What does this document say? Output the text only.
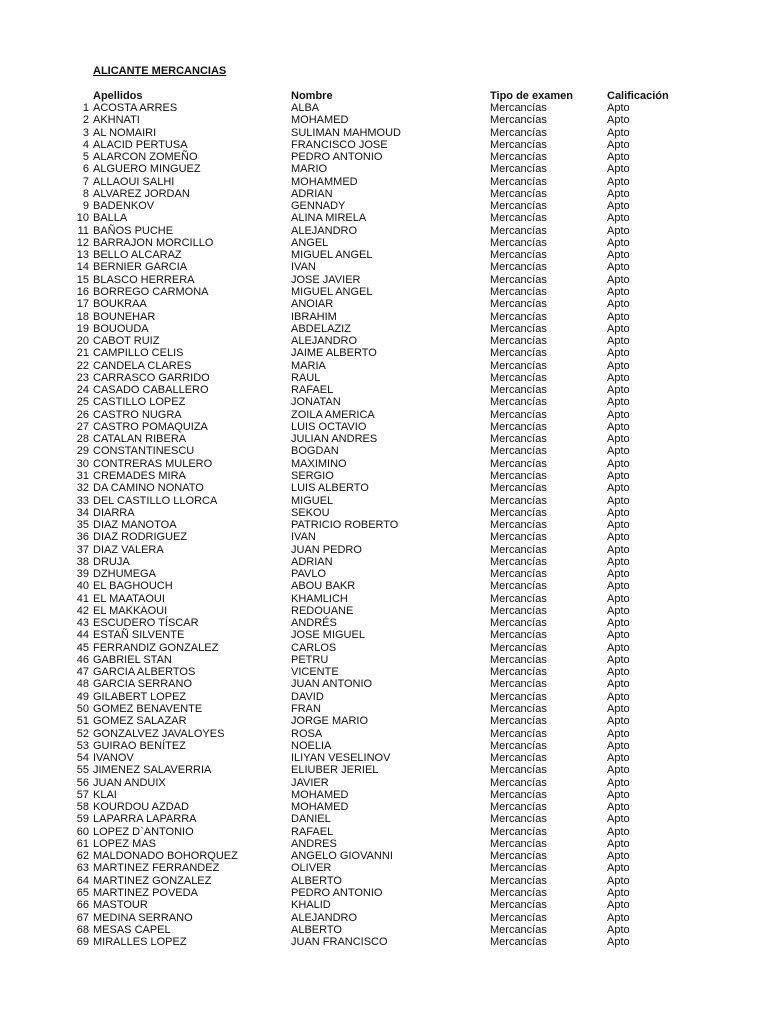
ALICANTE MERCANCIAS
Apellidos	Nombre	Tipo de examen	Calificación
1 ACOSTA ARRES	ALBA	Mercancías	Apto
2 AKHNATI	MOHAMED	Mercancías	Apto
3 AL NOMAIRI	SULIMAN MAHMOUD	Mercancías	Apto
4 ALACID PERTUSA	FRANCISCO JOSE	Mercancías	Apto
5 ALARCON ZOMEÑO	PEDRO ANTONIO	Mercancías	Apto
6 ALGUERO MINGUEZ	MARIO	Mercancías	Apto
7 ALLAOUI SALHI	MOHAMMED	Mercancías	Apto
8 ALVAREZ JORDAN	ADRIAN	Mercancías	Apto
9 BADENKOV	GENNADY	Mercancías	Apto
10 BALLA	ALINA MIRELA	Mercancías	Apto
11 BAÑOS PUCHE	ALEJANDRO	Mercancías	Apto
12 BARRAJON MORCILLO	ANGEL	Mercancías	Apto
13 BELLO ALCARAZ	MIGUEL ANGEL	Mercancías	Apto
14 BERNIER GARCIA	IVAN	Mercancías	Apto
15 BLASCO HERRERA	JOSE JAVIER	Mercancías	Apto
16 BORREGO CARMONA	MIGUEL ANGEL	Mercancías	Apto
17 BOUKRAA	ANOIAR	Mercancías	Apto
18 BOUNEHAR	IBRAHIM	Mercancías	Apto
19 BOUOUDA	ABDELAZIZ	Mercancías	Apto
20 CABOT RUIZ	ALEJANDRO	Mercancías	Apto
21 CAMPILLO CELIS	JAIME ALBERTO	Mercancías	Apto
22 CANDELA CLARES	MARIA	Mercancías	Apto
23 CARRASCO GARRIDO	RAUL	Mercancías	Apto
24 CASADO CABALLERO	RAFAEL	Mercancías	Apto
25 CASTILLO LOPEZ	JONATAN	Mercancías	Apto
26 CASTRO NUGRA	ZOILA AMERICA	Mercancías	Apto
27 CASTRO POMAQUIZA	LUIS OCTAVIO	Mercancías	Apto
28 CATALAN RIBERA	JULIAN ANDRES	Mercancías	Apto
29 CONSTANTINESCU	BOGDAN	Mercancías	Apto
30 CONTRERAS MULERO	MAXIMINO	Mercancías	Apto
31 CREMADES MIRA	SERGIO	Mercancías	Apto
32 DA CAMINO NONATO	LUIS ALBERTO	Mercancías	Apto
33 DEL CASTILLO LLORCA	MIGUEL	Mercancías	Apto
34 DIARRA	SEKOU	Mercancías	Apto
35 DIAZ MANOTOA	PATRICIO ROBERTO	Mercancías	Apto
36 DIAZ RODRIGUEZ	IVAN	Mercancías	Apto
37 DIAZ VALERA	JUAN PEDRO	Mercancías	Apto
38 DRUJA	ADRIAN	Mercancías	Apto
39 DZHUMEGA	PAVLO	Mercancías	Apto
40 EL BAGHOUCH	ABOU BAKR	Mercancías	Apto
41 EL MAATAOUI	KHAMLICH	Mercancías	Apto
42 EL MAKKAOUI	REDOUANE	Mercancías	Apto
43 ESCUDERO TÍSCAR	ANDRÉS	Mercancías	Apto
44 ESTAÑ SILVENTE	JOSE MIGUEL	Mercancías	Apto
45 FERRANDIZ GONZALEZ	CARLOS	Mercancías	Apto
46 GABRIEL STAN	PETRU	Mercancías	Apto
47 GARCIA ALBERTOS	VICENTE	Mercancías	Apto
48 GARCIA SERRANO	JUAN ANTONIO	Mercancías	Apto
49 GILABERT LOPEZ	DAVID	Mercancías	Apto
50 GOMEZ BENAVENTE	FRAN	Mercancías	Apto
51 GOMEZ SALAZAR	JORGE MARIO	Mercancías	Apto
52 GONZALVEZ JAVALOYES	ROSA	Mercancías	Apto
53 GUIRAO BENÍTEZ	NOELIA	Mercancías	Apto
54 IVANOV	ILIYAN VESELINOV	Mercancías	Apto
55 JIMENEZ SALAVERRIA	ELIUBER JERIEL	Mercancías	Apto
56 JUAN ANDUIX	JAVIER	Mercancías	Apto
57 KLAI	MOHAMED	Mercancías	Apto
58 KOURDOU AZDAD	MOHAMED	Mercancías	Apto
59 LAPARRA LAPARRA	DANIEL	Mercancías	Apto
60 LOPEZ D`ANTONIO	RAFAEL	Mercancías	Apto
61 LOPEZ MAS	ANDRES	Mercancías	Apto
62 MALDONADO BOHORQUEZ	ANGELO GIOVANNI	Mercancías	Apto
63 MARTINEZ FERRANDEZ	OLIVER	Mercancías	Apto
64 MARTINEZ GONZALEZ	ALBERTO	Mercancías	Apto
65 MARTINEZ POVEDA	PEDRO ANTONIO	Mercancías	Apto
66 MASTOUR	KHALID	Mercancías	Apto
67 MEDINA SERRANO	ALEJANDRO	Mercancías	Apto
68 MESAS CAPEL	ALBERTO	Mercancías	Apto
69 MIRALLES LOPEZ	JUAN FRANCISCO	Mercancías	Apto
